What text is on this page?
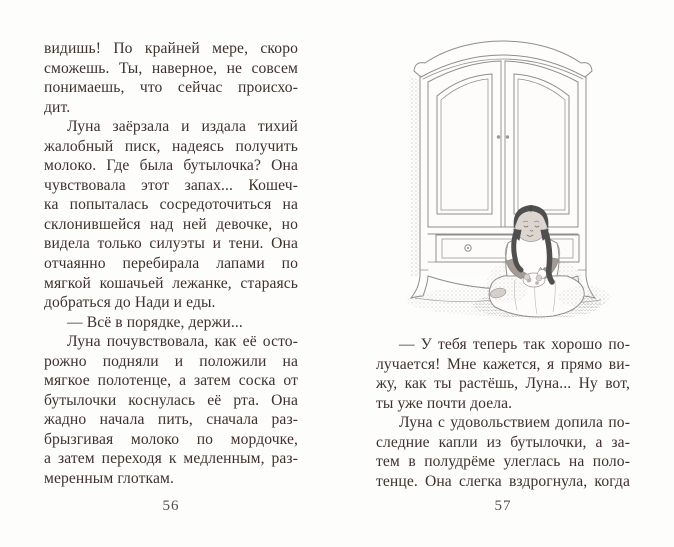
видишь! По крайней мере, скоро
сможешь. Ты, наверное, не совсем
понимаешь, что сейчас происхо-
дит.
Луна заёрзала и издала тихий
жалобный писк, надеясь получить
молоко. Где была бутылочка? Она
чувствовала этот запах... Кошеч-
ка попыталась сосредоточиться на
склонившейся над ней девочке, но
видела только силуэты и тени. Она
отчаянно перебирала лапами по
мягкой кошачьей лежанке, стараясь
добраться до Нади и еды.
— Всё в порядке, держи...
Луна почувствовала, как её осто-
рожно подняли и положили на
мягкое полотенце, а затем соска от
бутылочки коснулась её рта. Она
жадно начала пить, сначала раз-
брызгивая молоко по мордочке,
а затем переходя к медленным, раз-
меренным глоткам.
56
— У тебя теперь так хорошо по-
лучается! Мне кажется, я прямо ви-
жу, как ты растёшь, Луна... Ну вот,
ты уже почти доела.
Луна с удовольствием допила по-
следние капли из бутылочки, а за-
тем в полудрёме улеглась на поло-
тенце. Она слегка вздрогнула, когда
57
